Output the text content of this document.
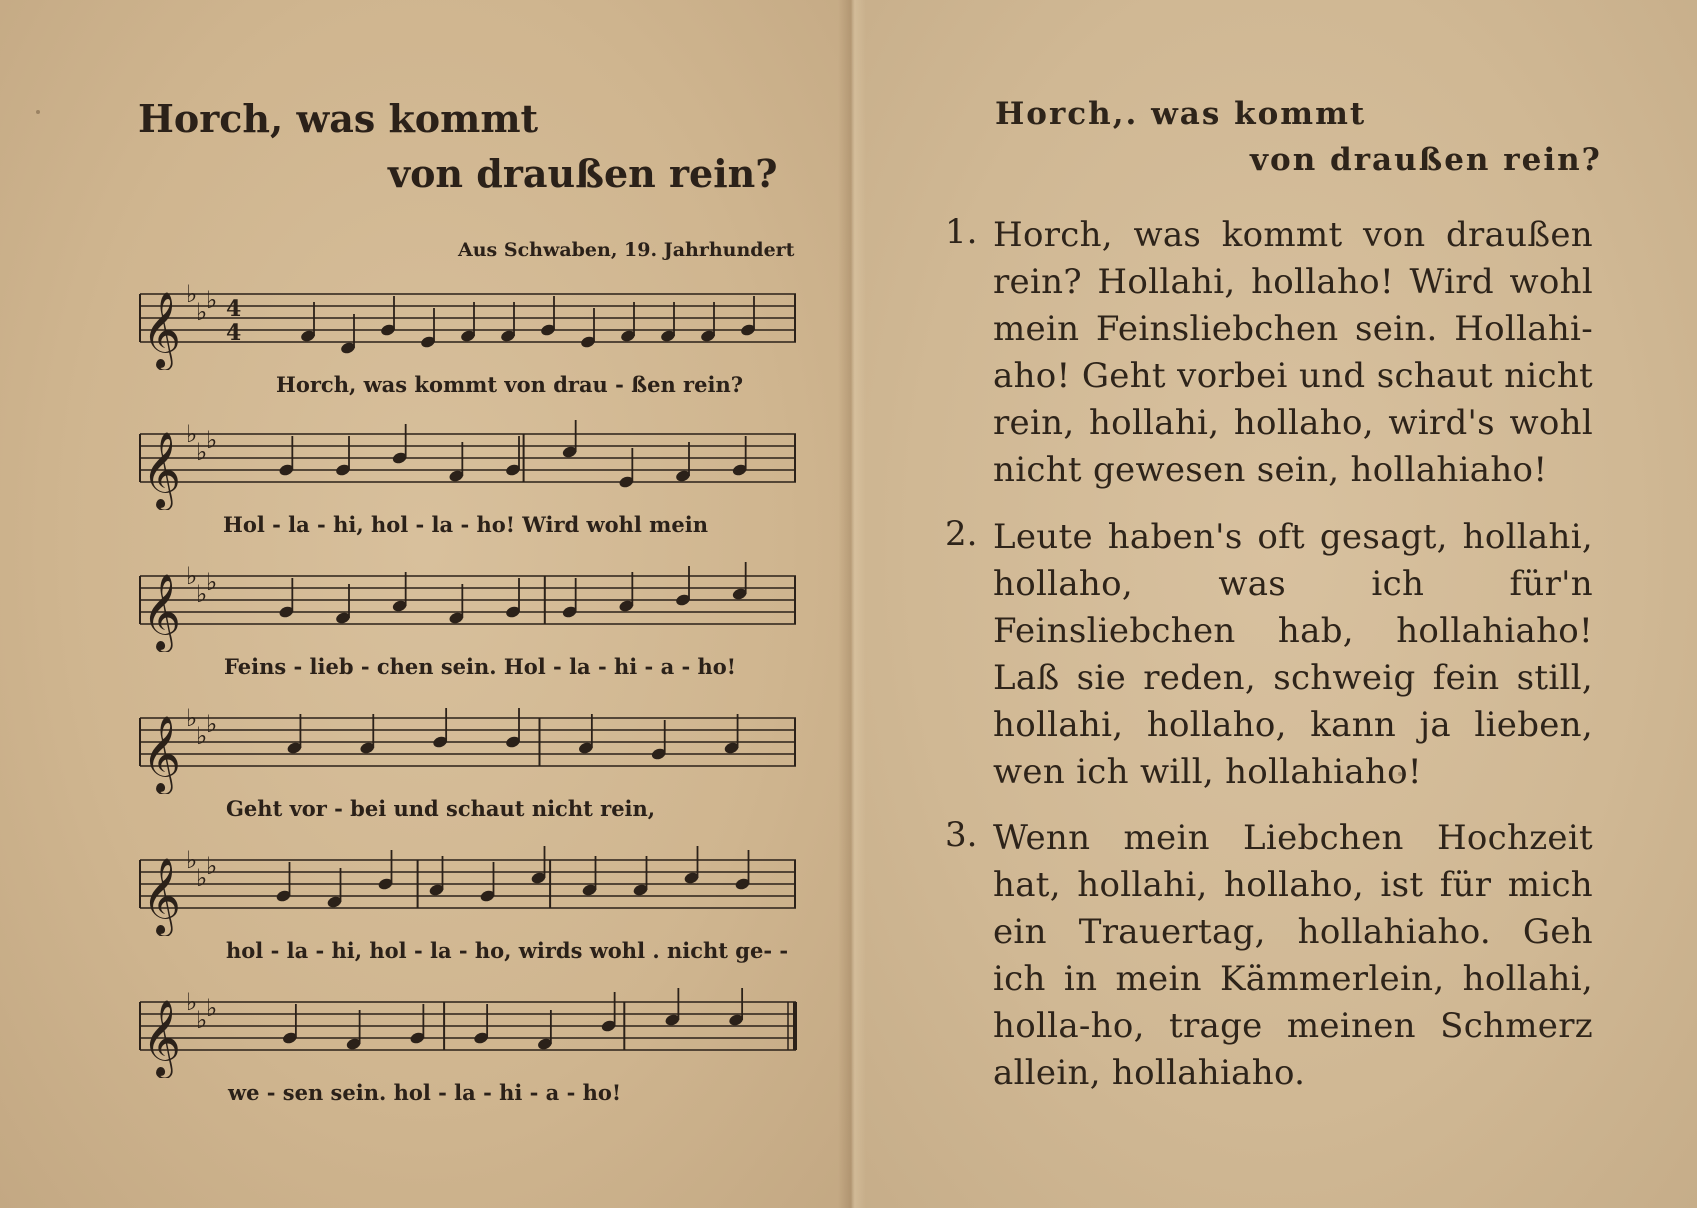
Horch, was kommt
von draußen rein?
Aus Schwaben, 19. Jahrhundert
𝄞 ♭
♭
♭ 4
4
Horch, was kommt von drau - ßen rein?
𝄞 ♭
♭
♭
Hol - la - hi, hol - la - ho! Wird wohl mein
𝄞 ♭
♭
♭
Feins - lieb - chen sein. Hol - la - hi - a - ho!
𝄞 ♭
♭
♭
Geht vor - bei und schaut nicht rein,
𝄞 ♭
♭
♭
hol - la - hi, hol - la - ho, wirds wohl . nicht ge- -
𝄞 ♭
♭
♭
we - sen sein. hol - la - hi - a - ho!
Horch,. was kommt
von draußen rein?
1. Horch, was kommt von draußen rein? Hollahi, hollaho! Wird wohl mein Feinsliebchen sein. Hollahi-aho! Geht vorbei und schaut nicht rein, hollahi, hollaho, wird's wohl nicht gewesen sein, hollahiaho!

2. Leute haben's oft gesagt, hollahi, hollaho, was ich für'n Feinsliebchen hab, hollahiaho! Laß sie reden, schweig fein still, hollahi, hollaho, kann ja lieben, wen ich will, hollahiaho!

3. Wenn mein Liebchen Hochzeit hat, hollahi, hollaho, ist für mich ein Trauertag, hollahiaho. Geh ich in mein Kämmerlein, hollahi, holla-ho, trage meinen Schmerz allein, hollahiaho.
